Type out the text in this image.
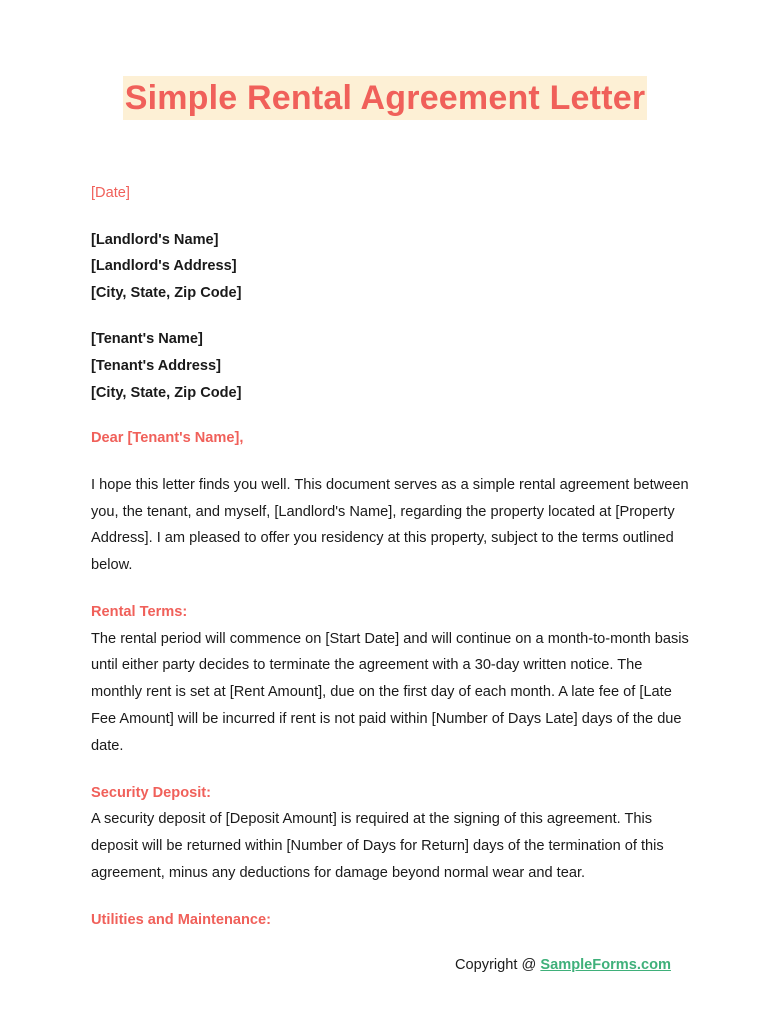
Simple Rental Agreement Letter
[Date]
[Landlord's Name]
[Landlord's Address]
[City, State, Zip Code]
[Tenant's Name]
[Tenant's Address]
[City, State, Zip Code]
Dear [Tenant's Name],

I hope this letter finds you well. This document serves as a simple rental agreement between you, the tenant, and myself, [Landlord's Name], regarding the property located at [Property Address]. I am pleased to offer you residency at this property, subject to the terms outlined below.

Rental Terms:

The rental period will commence on [Start Date] and will continue on a month-to-month basis until either party decides to terminate the agreement with a 30-day written notice. The monthly rent is set at [Rent Amount], due on the first day of each month. A late fee of [Late Fee Amount] will be incurred if rent is not paid within [Number of Days Late] days of the due date.

Security Deposit:

A security deposit of [Deposit Amount] is required at the signing of this agreement. This deposit will be returned within [Number of Days for Return] days of the termination of this agreement, minus any deductions for damage beyond normal wear and tear.

Utilities and Maintenance:

Copyright @ SampleForms.com
